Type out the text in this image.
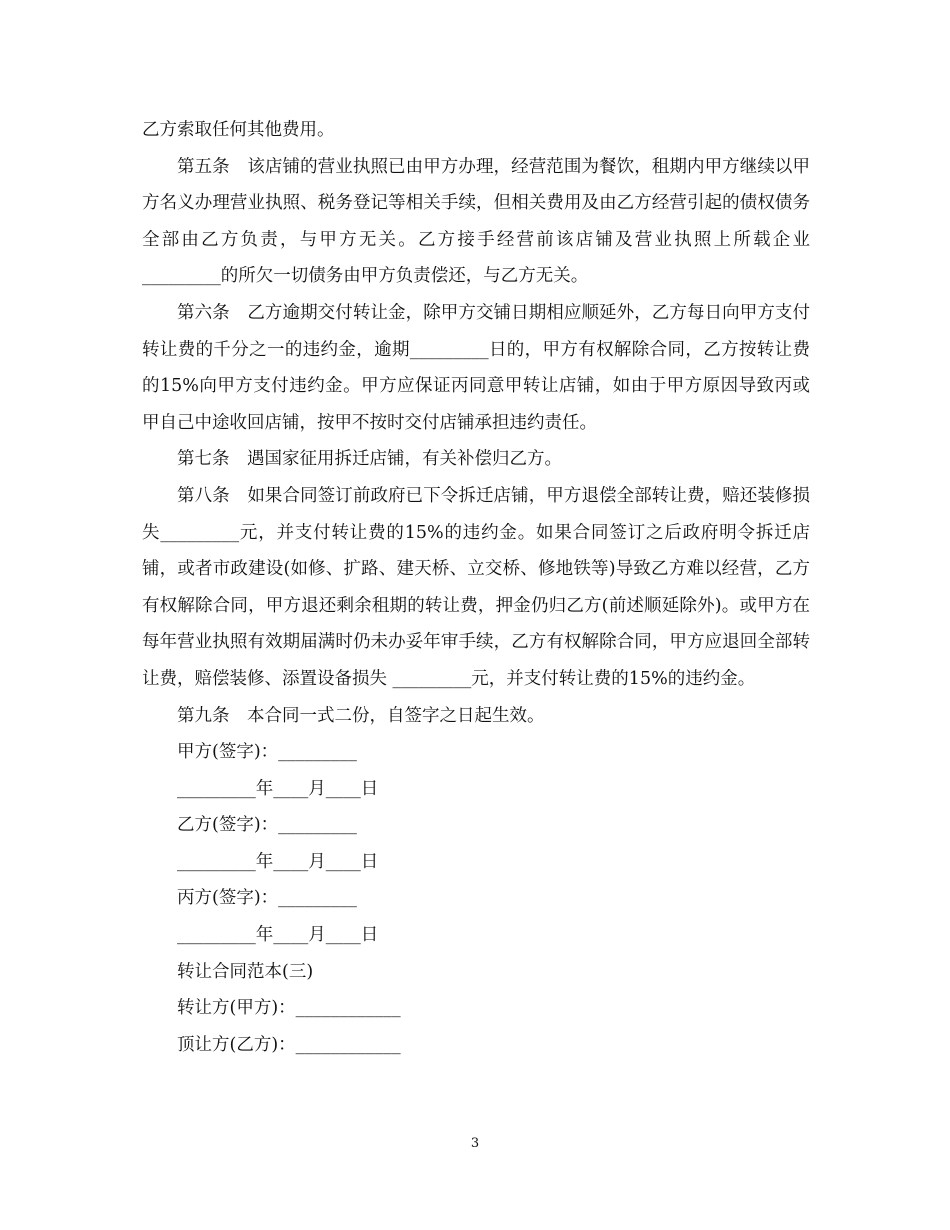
乙方索取任何其他费用。

第五条　该店铺的营业执照已由甲方办理，经营范围为餐饮，租期内甲方继续以甲方名义办理营业执照、税务登记等相关手续，但相关费用及由乙方经营引起的债权债务全部由乙方负责，与甲方无关。乙方接手经营前该店铺及营业执照上所载企业_________的所欠一切债务由甲方负责偿还，与乙方无关。

第六条　乙方逾期交付转让金，除甲方交铺日期相应顺延外，乙方每日向甲方支付转让费的千分之一的违约金，逾期_________日的，甲方有权解除合同，乙方按转让费的15%向甲方支付违约金。甲方应保证丙同意甲转让店铺，如由于甲方原因导致丙或甲自己中途收回店铺，按甲不按时交付店铺承担违约责任。

第七条　遇国家征用拆迁店铺，有关补偿归乙方。

第八条　如果合同签订前政府已下令拆迁店铺，甲方退偿全部转让费，赔还装修损失_________元，并支付转让费的15%的违约金。如果合同签订之后政府明令拆迁店铺，或者市政建设(如修、扩路、建天桥、立交桥、修地铁等)导致乙方难以经营，乙方有权解除合同，甲方退还剩余租期的转让费，押金仍归乙方(前述顺延除外)。或甲方在每年营业执照有效期届满时仍未办妥年审手续，乙方有权解除合同，甲方应退回全部转让费，赔偿装修、添置设备损失 _________元，并支付转让费的15%的违约金。

第九条　本合同一式二份，自签字之日起生效。

甲方(签字)：_________

_________年____月____日

乙方(签字)：_________

_________年____月____日

丙方(签字)：_________

_________年____月____日

转让合同范本(三)

转让方(甲方)：____________

顶让方(乙方)：____________

3
